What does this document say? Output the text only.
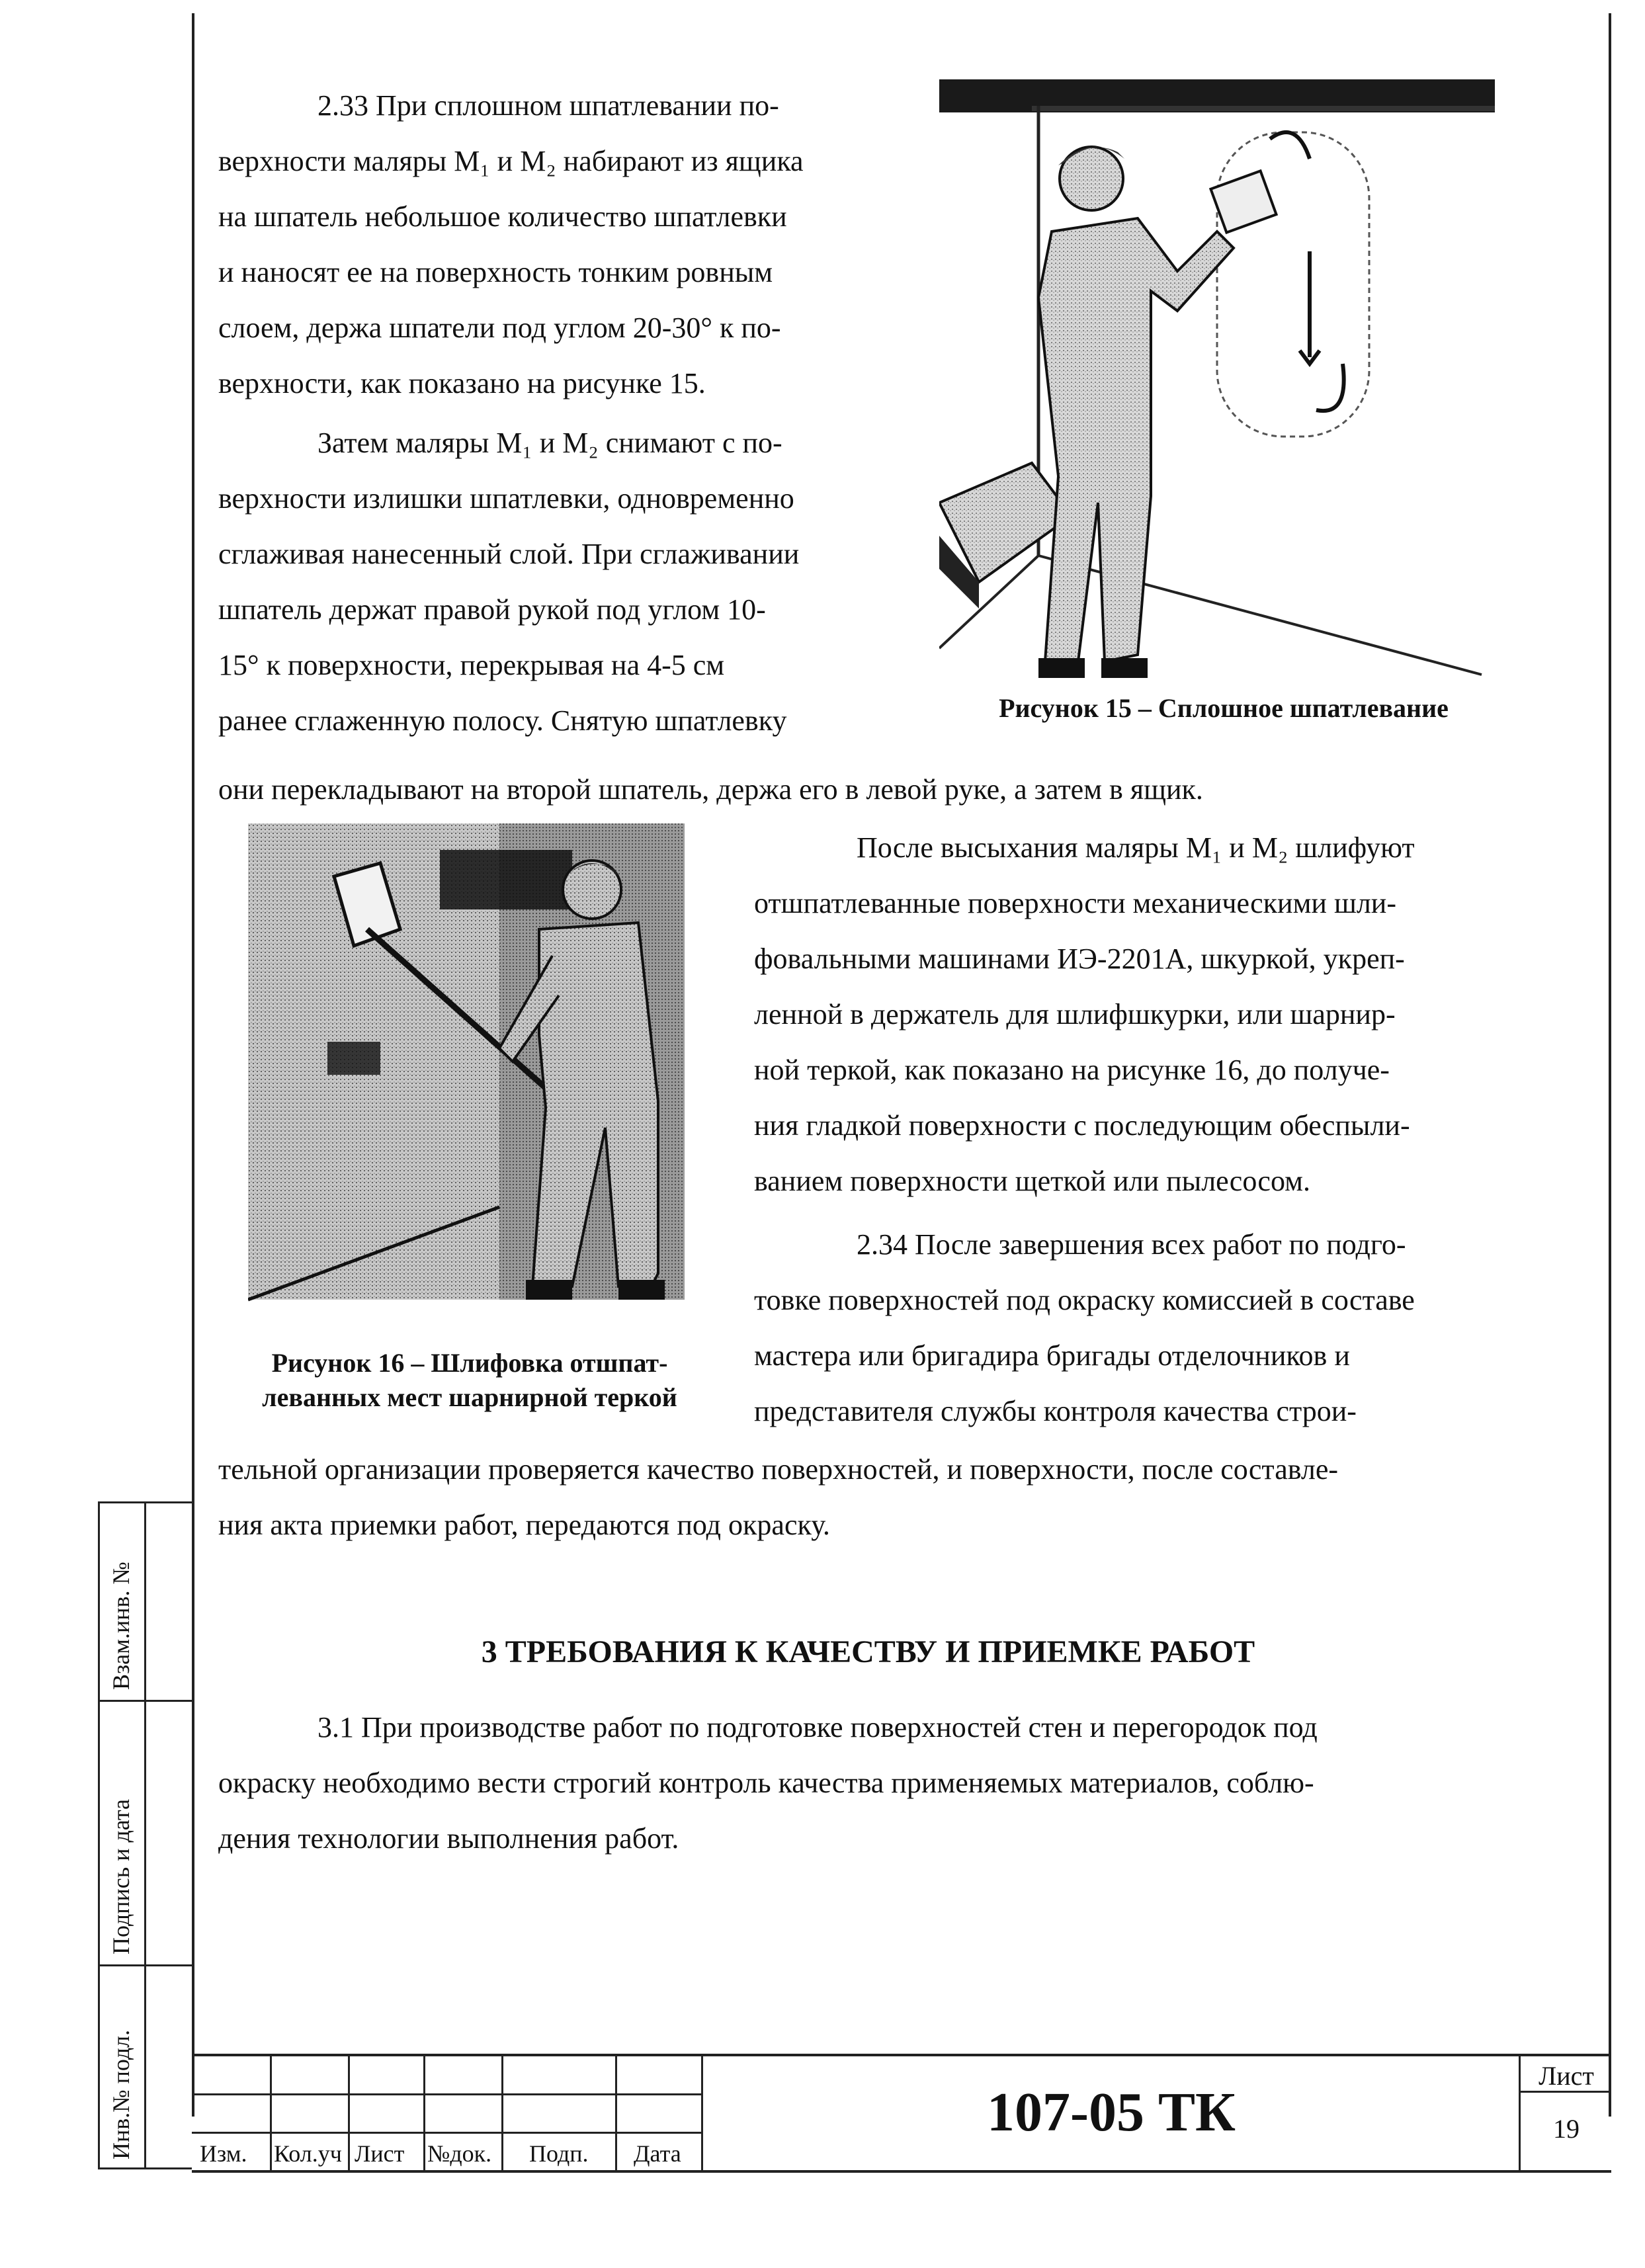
2.33 При сплошном шпатлевании по-

верхности маляры М₁ и М₂ набирают из ящика

на шпатель небольшое количество шпатлевки

и наносят ее на поверхность тонким ровным

слоем, держа шпатели под углом 20-30° к по-

верхности, как показано на рисунке 15.

Затем маляры М₁ и М₂ снимают с по-

верхности излишки шпатлевки, одновременно

сглаживая нанесенный слой. При сглаживании

шпатель держат правой рукой под углом 10-

15° к поверхности, перекрывая на 4-5 см

ранее сглаженную полосу. Снятую шпатлевку

они перекладывают на второй шпатель, держа его в левой руке, а затем в ящик.
Рисунок 15 – Сплошное шпатлевание
Рисунок 16 – Шлифовка отшпат-
леванных мест шарнирной теркой

После высыхания маляры М₁ и М₂ шлифуют

отшпатлеванные поверхности механическими шли-

фовальными машинами ИЭ-2201А, шкуркой, укреп-

ленной в держатель для шлифшкурки, или шарнир-

ной теркой, как показано на рисунке 16, до получе-

ния гладкой поверхности с последующим обеспыли-

ванием поверхности щеткой или пылесосом.

2.34 После завершения всех работ по подго-

товке поверхностей под окраску комиссией в составе

мастера или бригадира бригады отделочников и

представителя службы контроля качества строи-

тельной организации проверяется качество поверхностей, и поверхности, после составле-

ния акта приемки работ, передаются под окраску.

3 ТРЕБОВАНИЯ К КАЧЕСТВУ И ПРИЕМКЕ РАБОТ

3.1 При производстве работ по подготовке поверхностей стен и перегородок под

окраску необходимо вести строгий контроль качества применяемых материалов, соблю-

дения технологии выполнения работ.

Взам.инв. №
Подпись и дата
Инв.№ подл.	Изм. Кол.уч Лист №док. Подп. Дата
107-05 ТК
Лист
19
